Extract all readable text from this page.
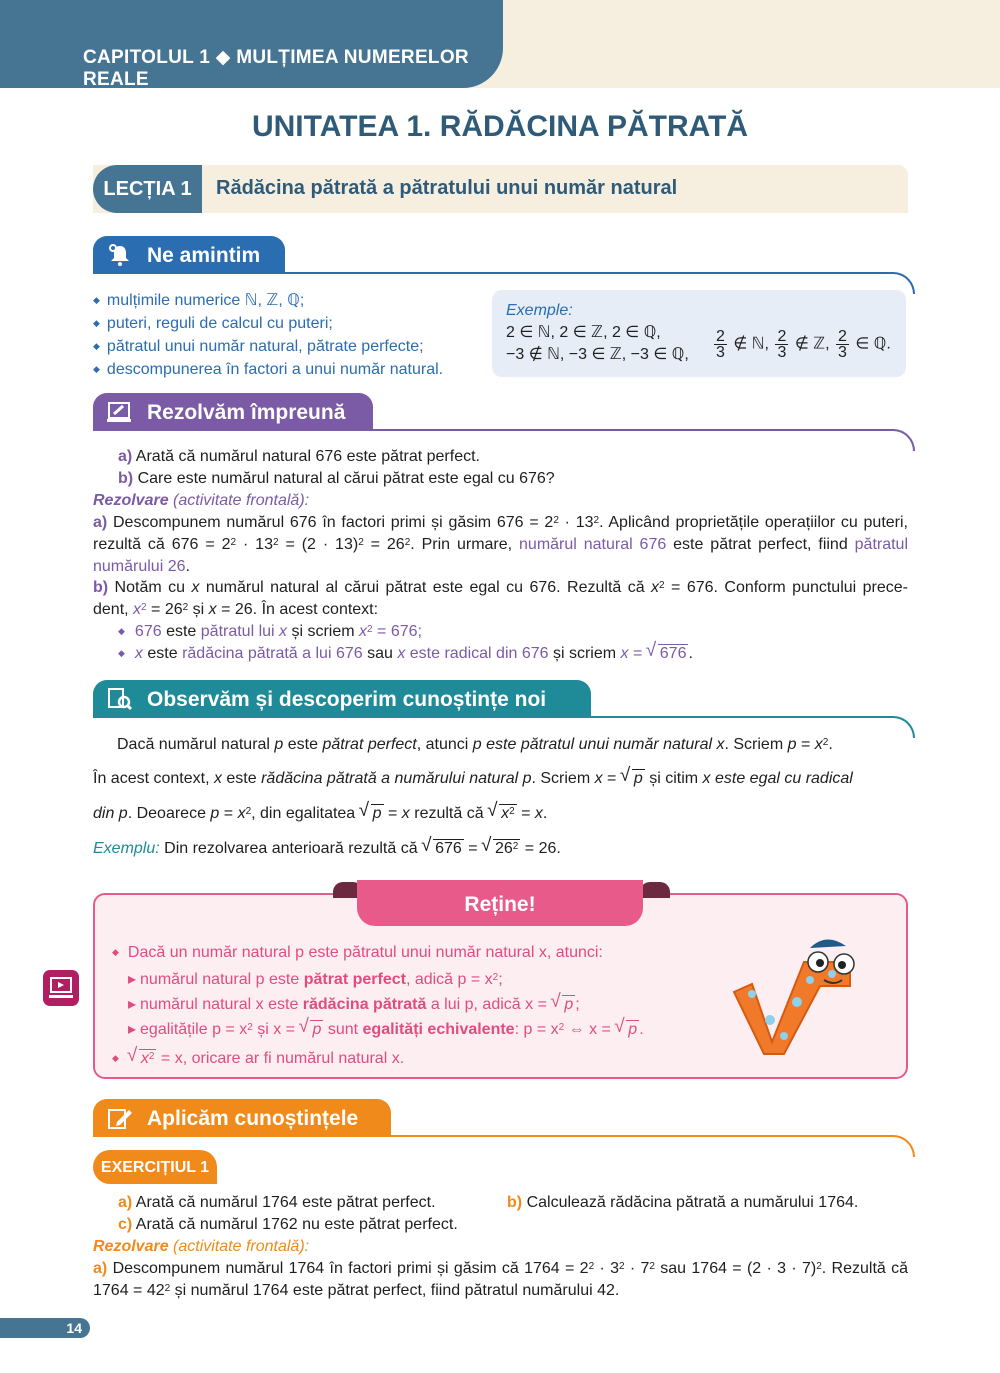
CAPITOLUL 1 ◆ MULȚIMEA NUMERELOR REALE
UNITATEA 1. RĂDĂCINA PĂTRATĂ
LECȚIA 1	Rădăcina pătrată a pătratului unui număr natural
Ne amintim
◆ mulțimile numerice ℕ, ℤ, ℚ;
◆ puteri, reguli de calcul cu puteri;
◆ pătratul unui număr natural, pătrate perfecte;
◆ descompunerea în factori a unui număr natural.
Exemple:
2 ∈ ℕ, 2 ∈ ℤ, 2 ∈ ℚ,
−3 ∉ ℕ, −3 ∈ ℤ, −3 ∈ ℚ,	$\frac{2}{3}$ ∉ ℕ, $\frac{2}{3}$ ∉ ℤ, $\frac{2}{3}$ ∈ ℚ.
Rezolvăm împreună
a) Arată că numărul natural 676 este pătrat perfect.
b) Care este numărul natural al cărui pătrat este egal cu 676?
Rezolvare (activitate frontală):
a) Descompunem numărul 676 în factori primi și găsim $676 = 2^2 \cdot 13^2$. Aplicând proprietățile operațiilor cu puteri, rezultă că $676 = 2^2 \cdot 13^2 = (2 \cdot 13)^2 = 26^2$. Prin urmare, numărul natural 676 este pătrat perfect, fiind pătratul numărului 26.
b) Notăm cu x numărul natural al cărui pătrat este egal cu 676. Rezultă că $x^2 = 676$. Conform punctului prece- dent, $x^2 = 26^2$ și x = 26. În acest context:
◆ 676 este pătratul lui x și scriem $x^2 = 676$;
◆ x este rădăcina pătrată a lui 676 sau x este radical din 676 și scriem x = √ 676 .
Observăm și descoperim cunoștințe noi
Dacă numărul natural p este pătrat perfect, atunci p este pătratul unui număr natural x. Scriem $p = x^2$.
În acest context, x este rădăcina pătrată a numărului natural p. Scriem x = √ p și citim x este egal cu radical
din p. Deoarece $p = x^2$, din egalitatea √ p = x rezultă că √ $x^2 = x$.
Exemplu: Din rezolvarea anterioară rezultă că √ 676 = √ $26^2 = 26$.
Reține!
◆ Dacă un număr natural p este pătratul unui număr natural x, atunci:
▸ numărul natural p este pătrat perfect, adică $p = x^2$;
▸ numărul natural x este rădăcina pătrată a lui p, adică x = √ p ;
▸ egalitățile $p = x^2$ și x = √ p sunt egalități echivalente: $p = x^2$ ⇔ x = √ p .
◆ √ $x^2 = x$, oricare ar fi numărul natural x.
Aplicăm cunoștințele
EXERCIȚIUL 1
a) Arată că numărul 1764 este pătrat perfect.	b) Calculează rădăcina pătrată a numărului 1764.
c) Arată că numărul 1762 nu este pătrat perfect.
Rezolvare (activitate frontală):
a) Descompunem numărul 1764 în factori primi și găsim că $1764 = 2^2 \cdot 3^2 \cdot 7^2$ sau $1764 = (2 \cdot 3 \cdot 7)^2$. Rezultă că $1764 = 42^2$ și numărul 1764 este pătrat perfect, fiind pătratul numărului 42.
14
